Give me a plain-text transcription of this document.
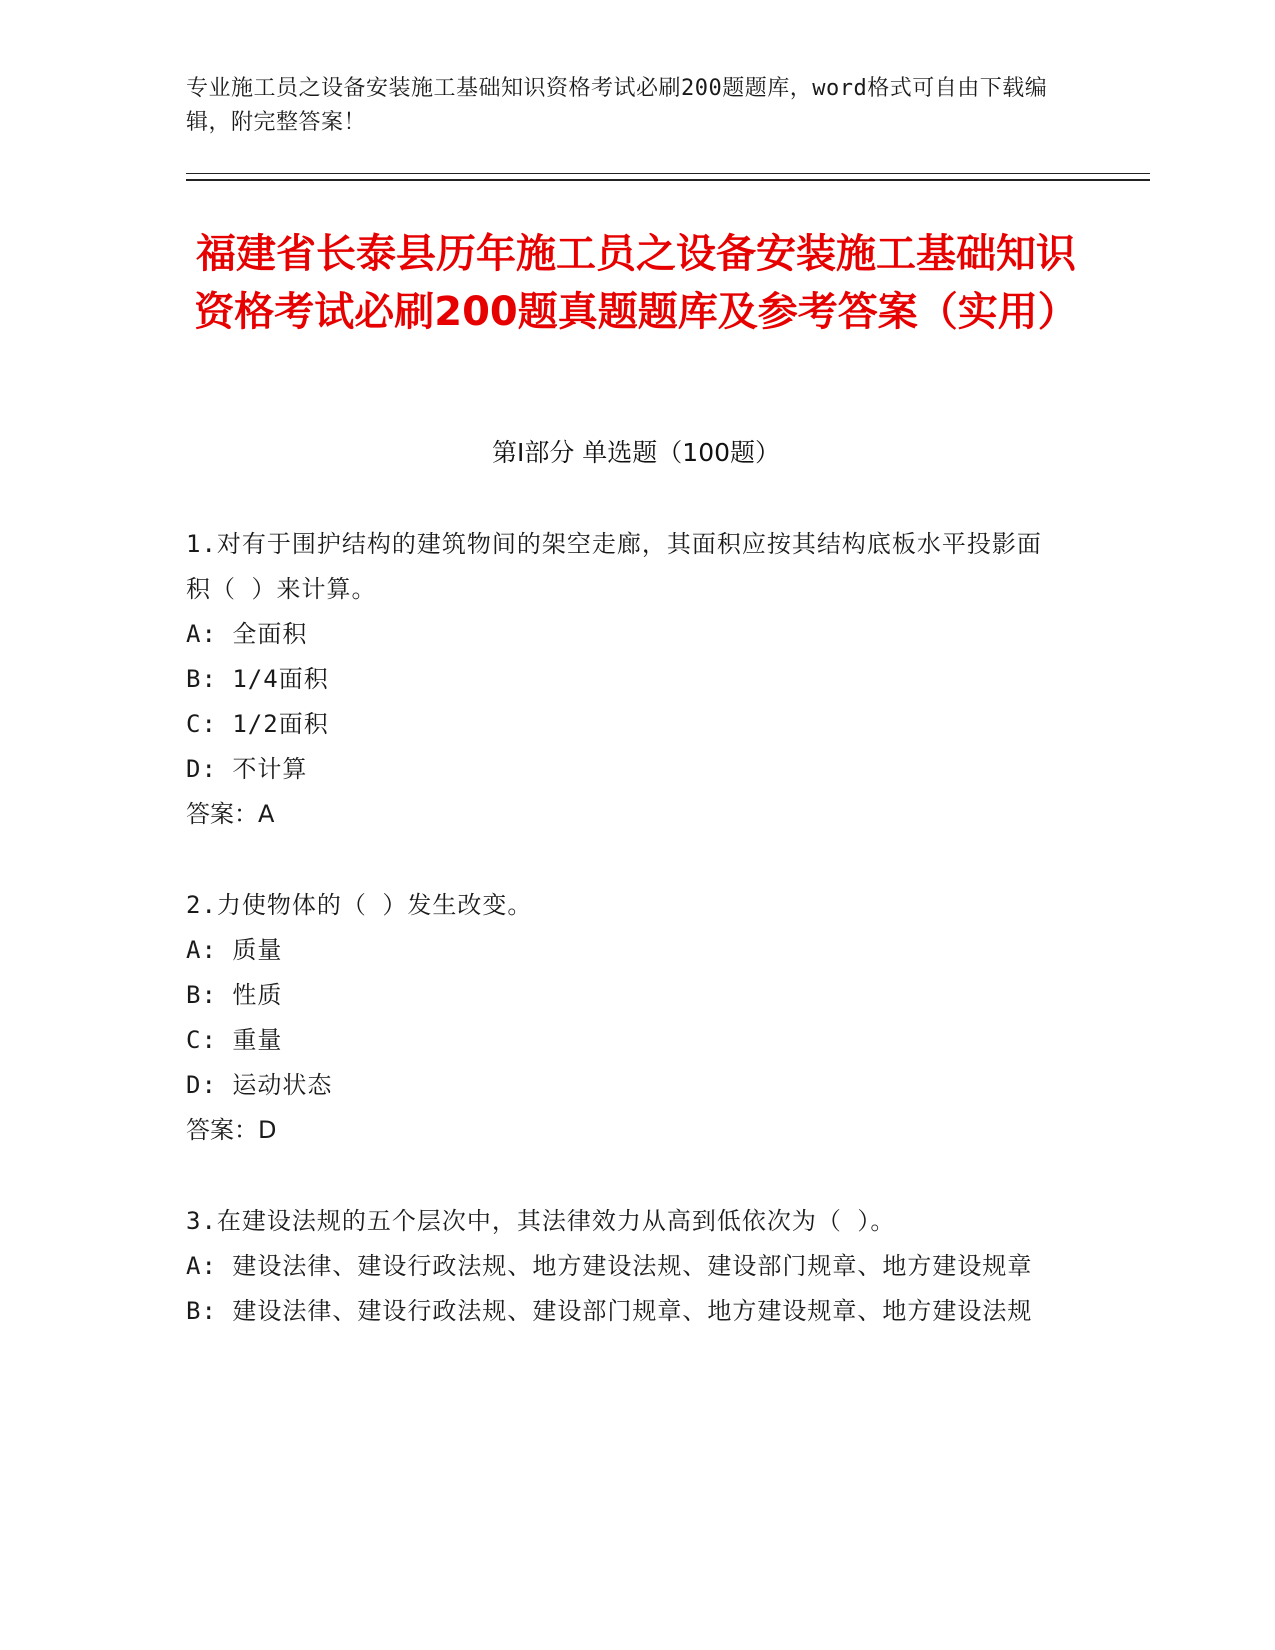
专业施工员之设备安装施工基础知识资格考试必刷200题题库，word格式可自由下载编辑，附完整答案！
福建省长泰县历年施工员之设备安装施工基础知识资格考试必刷200题真题题库及参考答案（实用）
第Ⅰ部分 单选题（100题）

1.对有于围护结构的建筑物间的架空走廊，其面积应按其结构底板水平投影面积（ ）来计算。

A: 全面积

B: 1/4面积

C: 1/2面积

D: 不计算

答案：A

2.力使物体的（ ）发生改变。

A: 质量

B: 性质

C: 重量

D: 运动状态

答案：D

3.在建设法规的五个层次中，其法律效力从高到低依次为（ ）。

A: 建设法律、建设行政法规、地方建设法规、建设部门规章、地方建设规章

B: 建设法律、建设行政法规、建设部门规章、地方建设规章、地方建设法规
